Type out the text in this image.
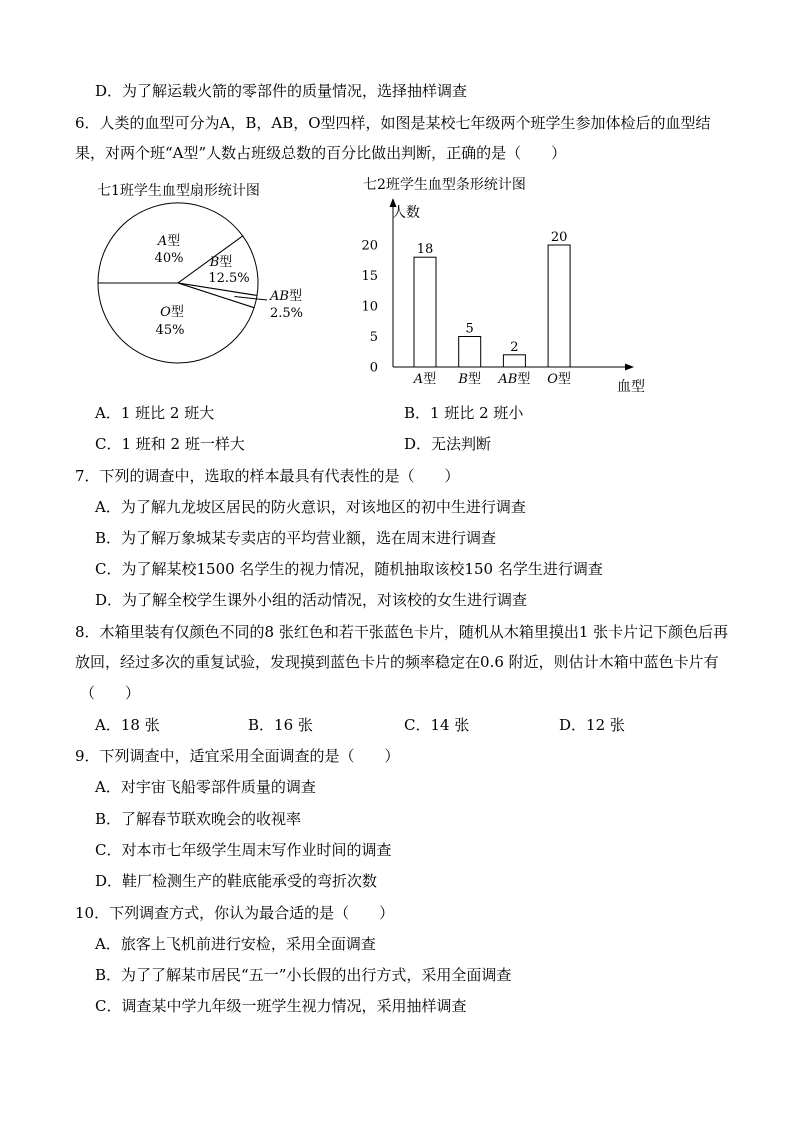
D．为了解运载火箭的零部件的质量情况，选择抽样调查
6．人类的血型可分为A，B，AB，O型四样，如图是某校七年级两个班学生参加体检后的血型结
果，对两个班“A型”人数占班级总数的百分比做出判断，正确的是（　　）
七1班学生血型扇形统计图
A型
40% B型
12.5%
AB型
2.5%
O型
45%
七2班学生血型条形统计图
人数
血型
0
5
10
15
20	18
A型
5
B型
2
AB型
20
O型
A．1 班比 2 班大	B．1 班比 2 班小
C．1 班和 2 班一样大	D．无法判断
7．下列的调查中，选取的样本最具有代表性的是（　　）
A．为了解九龙坡区居民的防火意识，对该地区的初中生进行调查
B．为了解万象城某专卖店的平均营业额，选在周末进行调查
C．为了解某校1500 名学生的视力情况，随机抽取该校150 名学生进行调查
D．为了解全校学生课外小组的活动情况，对该校的女生进行调查
8．木箱里装有仅颜色不同的8 张红色和若干张蓝色卡片，随机从木箱里摸出1 张卡片记下颜色后再
放回，经过多次的重复试验，发现摸到蓝色卡片的频率稳定在0.6 附近，则估计木箱中蓝色卡片有
（　　）
A．18 张	B．16 张	C．14 张	D．12 张
9．下列调查中，适宜采用全面调查的是（　　）
A．对宇宙飞船零部件质量的调查
B．了解春节联欢晚会的收视率
C．对本市七年级学生周末写作业时间的调查
D．鞋厂检测生产的鞋底能承受的弯折次数
10．下列调查方式，你认为最合适的是（　　）
A．旅客上飞机前进行安检，采用全面调查
B．为了了解某市居民“五一”小长假的出行方式，采用全面调查
C．调查某中学九年级一班学生视力情况，采用抽样调查
